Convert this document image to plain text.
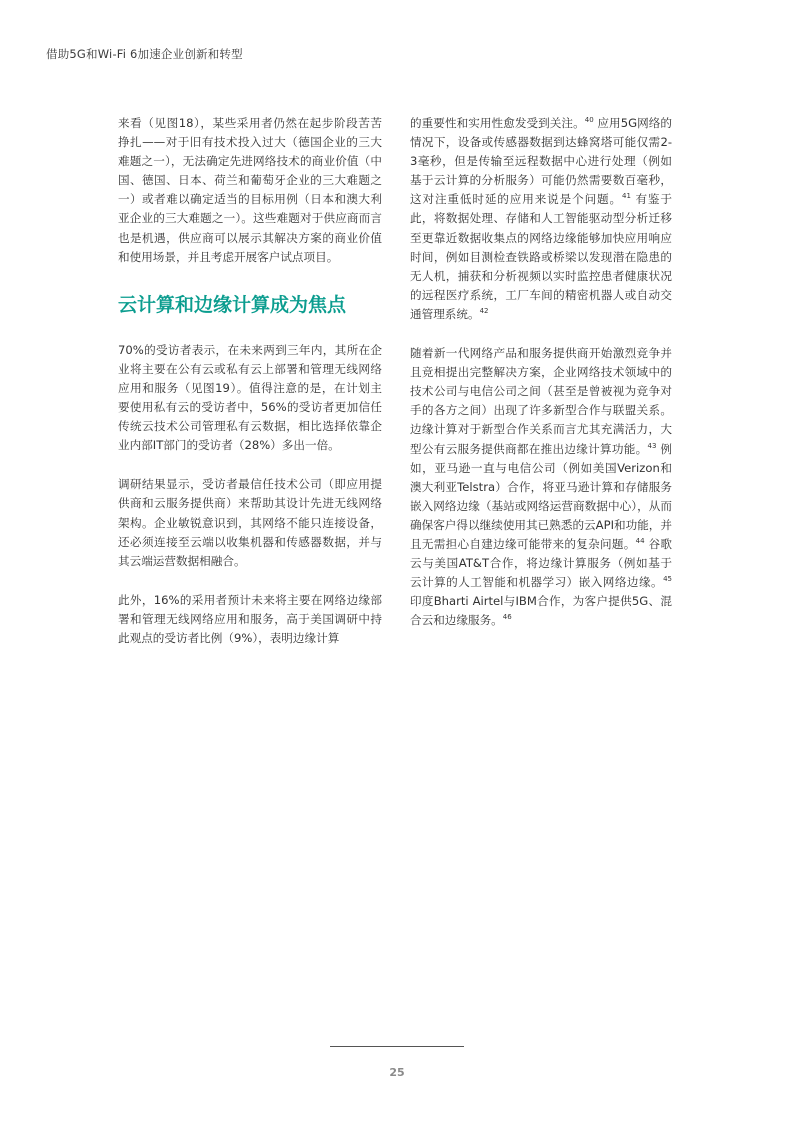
借助5G和Wi-Fi 6加速企业创新和转型

来看（见图18），某些采用者仍然在起步阶段苦苦挣扎——对于旧有技术投入过大（德国企业的三大难题之一），无法确定先进网络技术的商业价值（中国、德国、日本、荷兰和葡萄牙企业的三大难题之一）或者难以确定适当的目标用例（日本和澳大利亚企业的三大难题之一）。这些难题对于供应商而言也是机遇，供应商可以展示其解决方案的商业价值和使用场景，并且考虑开展客户试点项目。

云计算和边缘计算成为焦点

70%的受访者表示，在未来两到三年内，其所在企业将主要在公有云或私有云上部署和管理无线网络应用和服务（见图19）。值得注意的是，在计划主要使用私有云的受访者中，56%的受访者更加信任传统云技术公司管理私有云数据，相比选择依靠企业内部IT部门的受访者（28%）多出一倍。

调研结果显示，受访者最信任技术公司（即应用提供商和云服务提供商）来帮助其设计先进无线网络架构。企业敏锐意识到，其网络不能只连接设备，还必须连接至云端以收集机器和传感器数据，并与其云端运营数据相融合。

此外，16%的采用者预计未来将主要在网络边缘部署和管理无线网络应用和服务，高于美国调研中持此观点的受访者比例（9%），表明边缘计算

的重要性和实用性愈发受到关注。$^{40}$ 应用5G网络的情况下，设备或传感器数据到达蜂窝塔可能仅需2-3毫秒，但是传输至远程数据中心进行处理（例如基于云计算的分析服务）可能仍然需要数百毫秒，这对注重低时延的应用来说是个问题。$^{41}$ 有鉴于此，将数据处理、存储和人工智能驱动型分析迁移至更靠近数据收集点的网络边缘能够加快应用响应时间，例如目测检查铁路或桥梁以发现潜在隐患的无人机，捕获和分析视频以实时监控患者健康状况的远程医疗系统，工厂车间的精密机器人或自动交通管理系统。$^{42}$

随着新一代网络产品和服务提供商开始激烈竞争并且竞相提出完整解决方案，企业网络技术领域中的技术公司与电信公司之间（甚至是曾被视为竞争对手的各方之间）出现了许多新型合作与联盟关系。边缘计算对于新型合作关系而言尤其充满活力，大型公有云服务提供商都在推出边缘计算功能。$^{43}$ 例如，亚马逊一直与电信公司（例如美国Verizon和澳大利亚Telstra）合作，将亚马逊计算和存储服务嵌入网络边缘（基站或网络运营商数据中心），从而确保客户得以继续使用其已熟悉的云API和功能，并且无需担心自建边缘可能带来的复杂问题。$^{44}$ 谷歌云与美国AT&T合作，将边缘计算服务（例如基于云计算的人工智能和机器学习）嵌入网络边缘。$^{45}$ 印度Bharti Airtel与IBM合作，为客户提供5G、混合云和边缘服务。$^{46}$

25
